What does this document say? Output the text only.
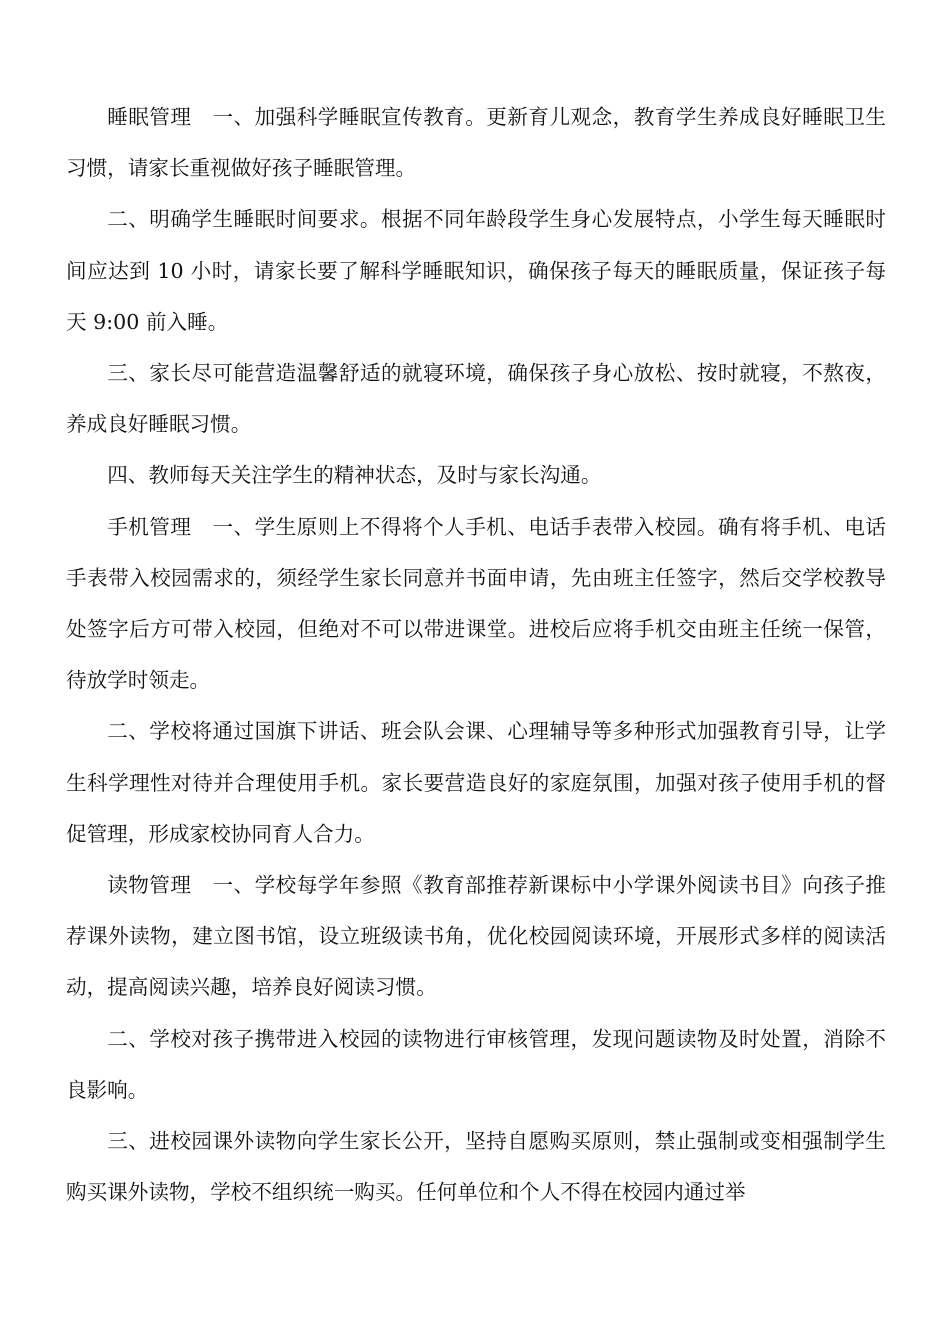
睡眠管理　一、加强科学睡眠宣传教育。更新育儿观念，教育学生养成良好睡眠卫生习惯，请家长重视做好孩子睡眠管理。

二、明确学生睡眠时间要求。根据不同年龄段学生身心发展特点，小学生每天睡眠时间应达到 10 小时，请家长要了解科学睡眠知识，确保孩子每天的睡眠质量，保证孩子每天 9:00 前入睡。

三、家长尽可能营造温馨舒适的就寝环境，确保孩子身心放松、按时就寝，不熬夜，养成良好睡眠习惯。

四、教师每天关注学生的精神状态，及时与家长沟通。

手机管理　一、学生原则上不得将个人手机、电话手表带入校园。确有将手机、电话手表带入校园需求的，须经学生家长同意并书面申请，先由班主任签字，然后交学校教导处签字后方可带入校园，但绝对不可以带进课堂。进校后应将手机交由班主任统一保管，待放学时领走。

二、学校将通过国旗下讲话、班会队会课、心理辅导等多种形式加强教育引导，让学生科学理性对待并合理使用手机。家长要营造良好的家庭氛围，加强对孩子使用手机的督促管理，形成家校协同育人合力。

读物管理　一、学校每学年参照《教育部推荐新课标中小学课外阅读书目》向孩子推荐课外读物，建立图书馆，设立班级读书角，优化校园阅读环境，开展形式多样的阅读活动，提高阅读兴趣，培养良好阅读习惯。

二、学校对孩子携带进入校园的读物进行审核管理，发现问题读物及时处置，消除不良影响。

三、进校园课外读物向学生家长公开，坚持自愿购买原则，禁止强制或变相强制学生购买课外读物，学校不组织统一购买。任何单位和个人不得在校园内通过举
